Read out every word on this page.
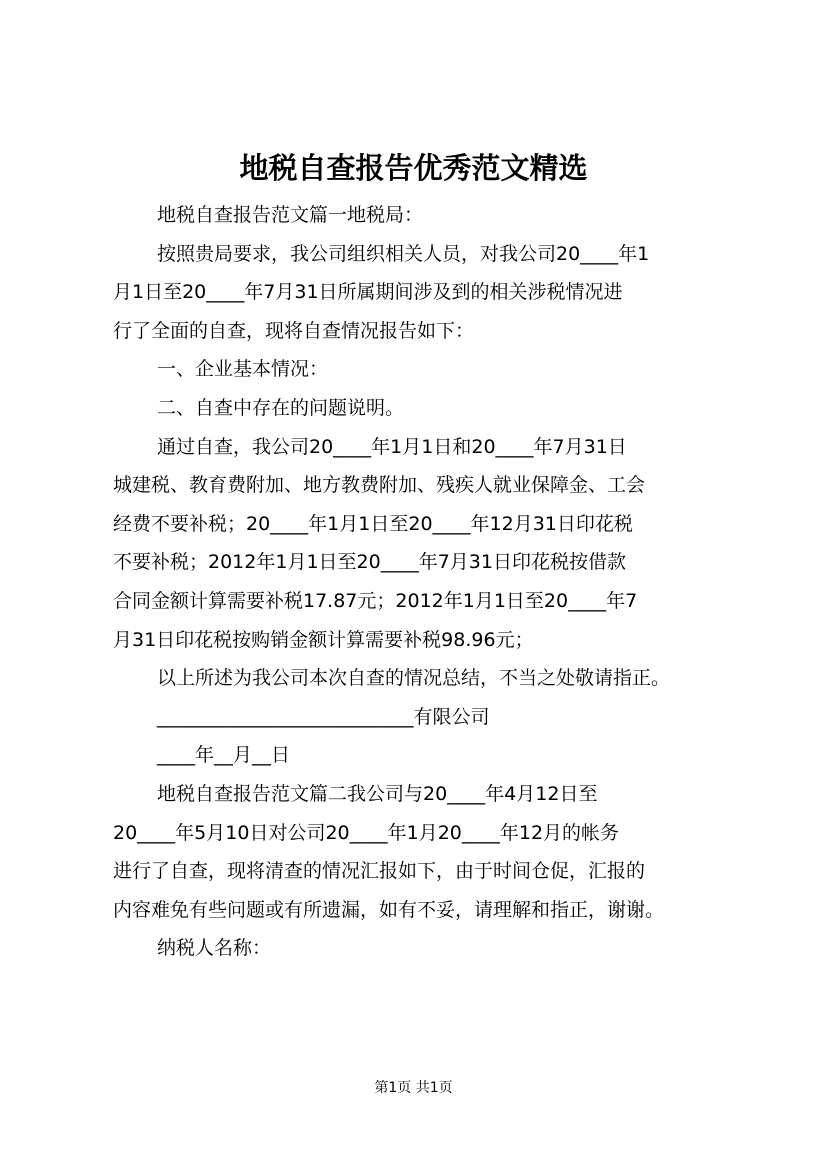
地税自查报告优秀范文精选
地税自查报告范文篇一地税局：
按照贵局要求，我公司组织相关人员，对我公司20____年1
月1日至20____年7月31日所属期间涉及到的相关涉税情况进
行了全面的自查，现将自查情况报告如下：
一、企业基本情况：
二、自查中存在的问题说明。
通过自查，我公司20____年1月1日和20____年7月31日
城建税、教育费附加、地方教费附加、残疾人就业保障金、工会
经费不要补税；20____年1月1日至20____年12月31日印花税
不要补税；2012年1月1日至20____年7月31日印花税按借款
合同金额计算需要补税17.87元；2012年1月1日至20____年7
月31日印花税按购销金额计算需要补税98.96元；
以上所述为我公司本次自查的情况总结，不当之处敬请指正。
___________________________有限公司
____年__月__日
地税自查报告范文篇二我公司与20____年4月12日至
20____年5月10日对公司20____年1月20____年12月的帐务
进行了自查，现将清查的情况汇报如下，由于时间仓促，汇报的
内容难免有些问题或有所遗漏，如有不妥，请理解和指正，谢谢。
纳税人名称：
第1页 共1页
